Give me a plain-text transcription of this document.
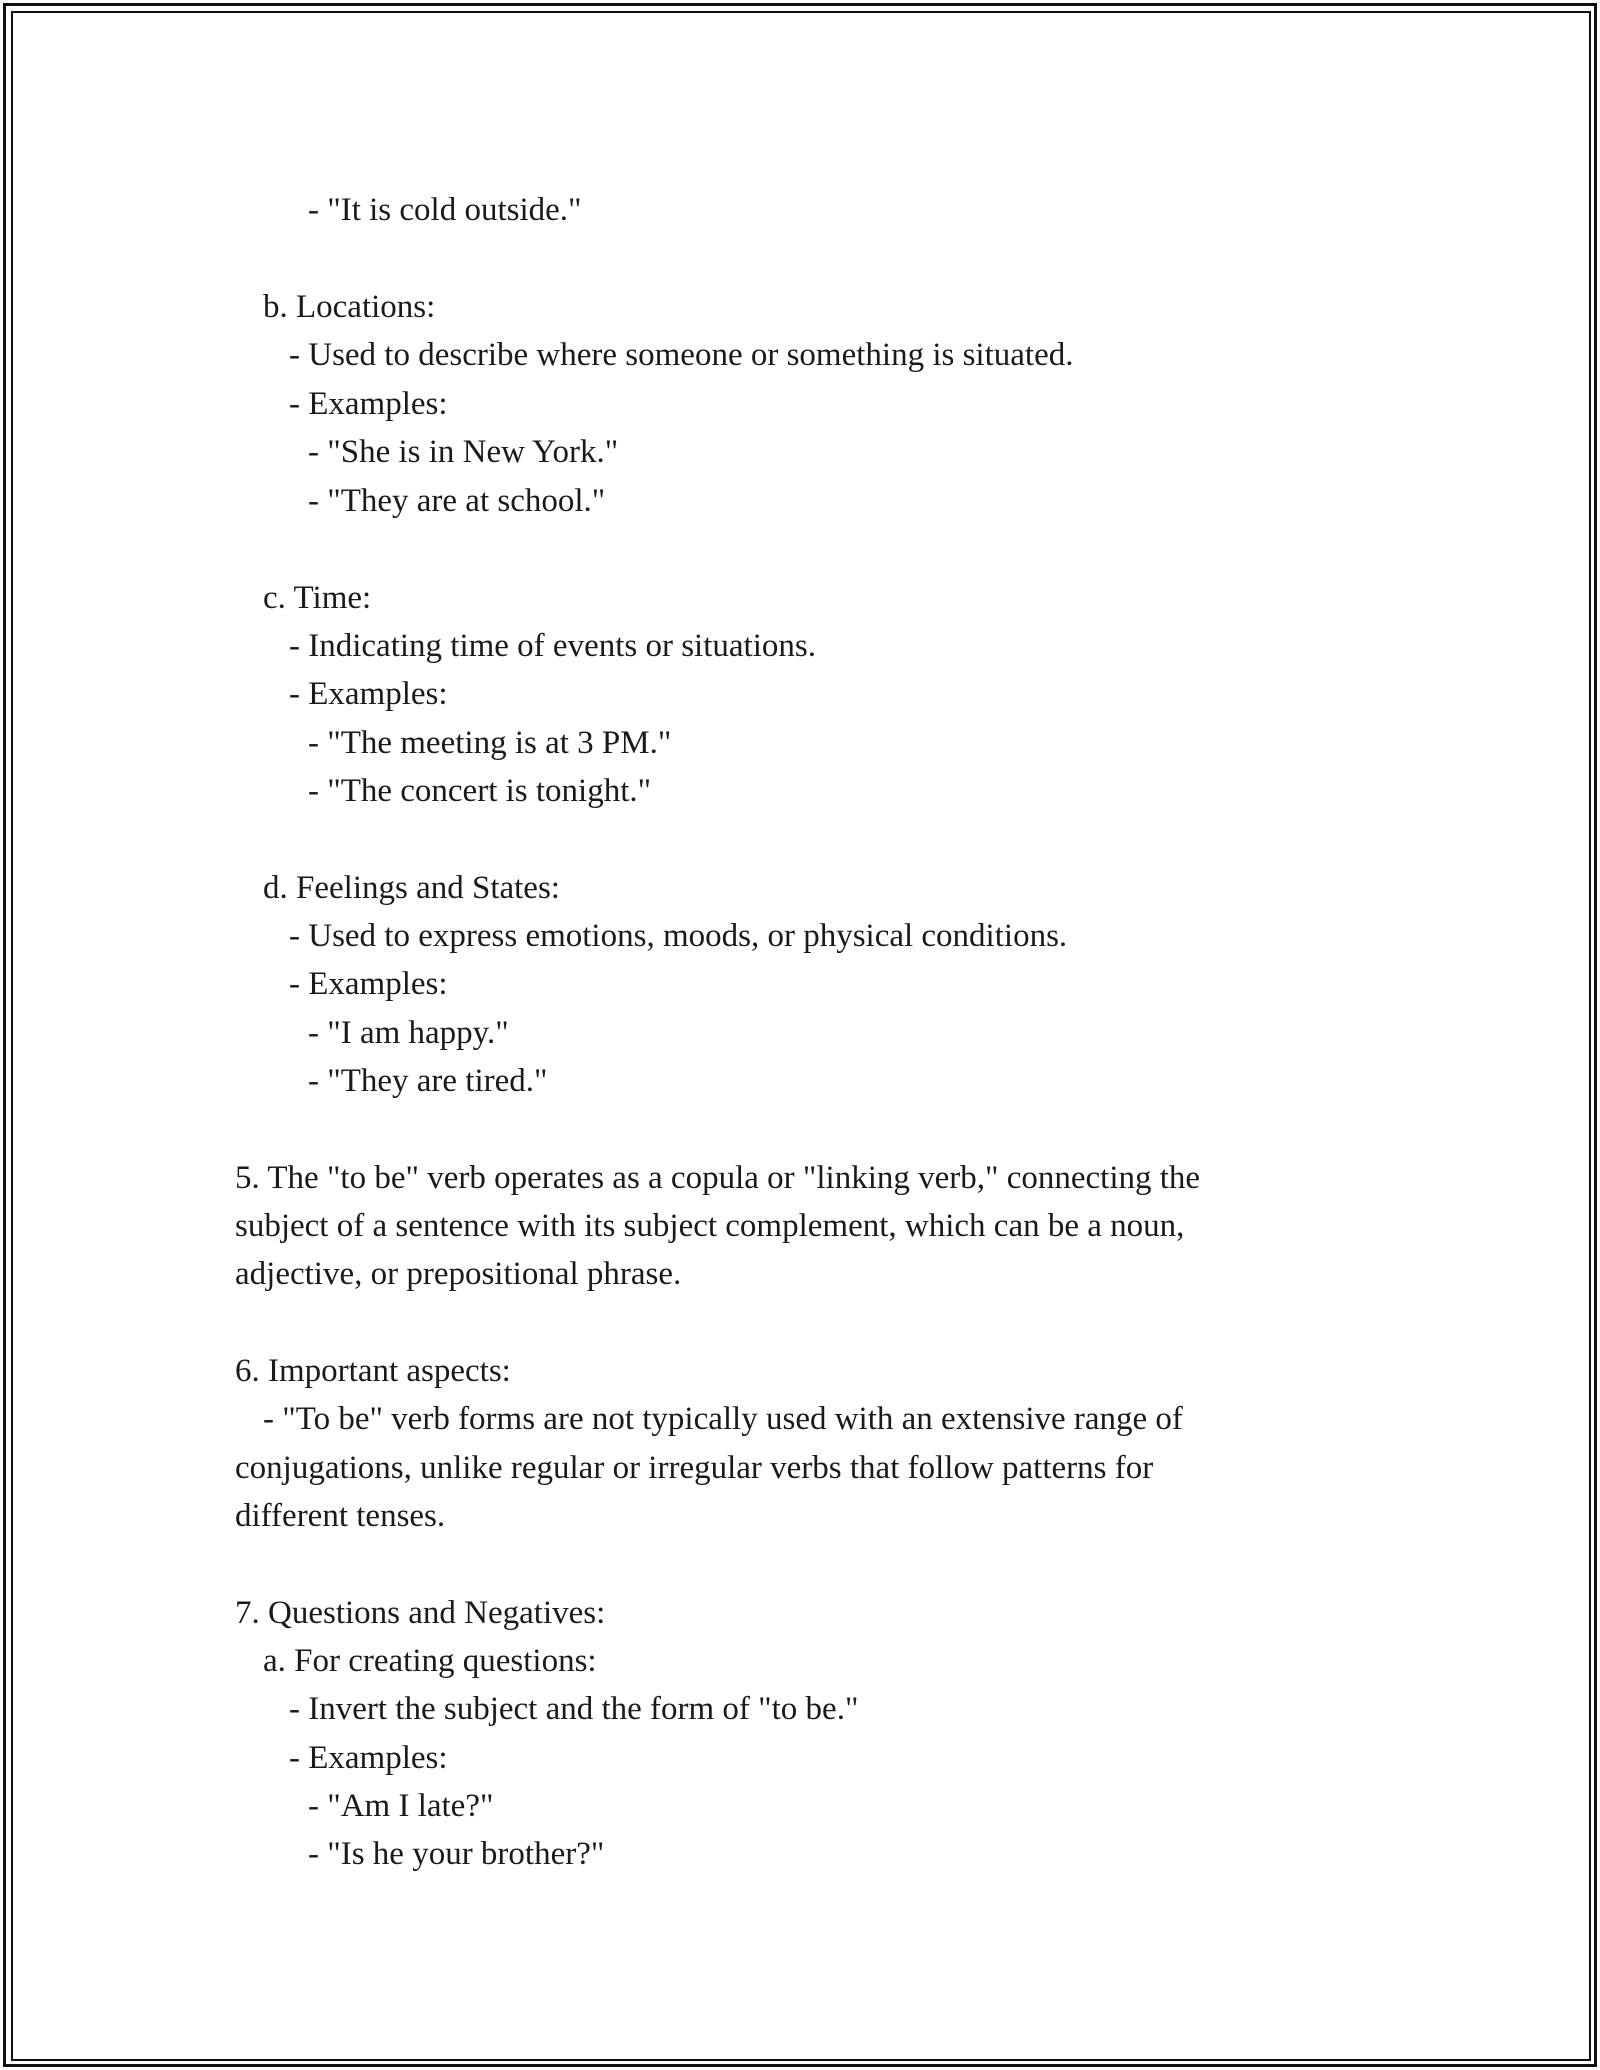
- "It is cold outside."
b. Locations:
- Used to describe where someone or something is situated.
- Examples:
- "She is in New York."
- "They are at school."
c. Time:
- Indicating time of events or situations.
- Examples:
- "The meeting is at 3 PM."
- "The concert is tonight."
d. Feelings and States:
- Used to express emotions, moods, or physical conditions.
- Examples:
- "I am happy."
- "They are tired."
5. The "to be" verb operates as a copula or "linking verb," connecting the
subject of a sentence with its subject complement, which can be a noun,
adjective, or prepositional phrase.
6. Important aspects:
- "To be" verb forms are not typically used with an extensive range of
conjugations, unlike regular or irregular verbs that follow patterns for
different tenses.
7. Questions and Negatives:
a. For creating questions:
- Invert the subject and the form of "to be."
- Examples:
- "Am I late?"
- "Is he your brother?"
